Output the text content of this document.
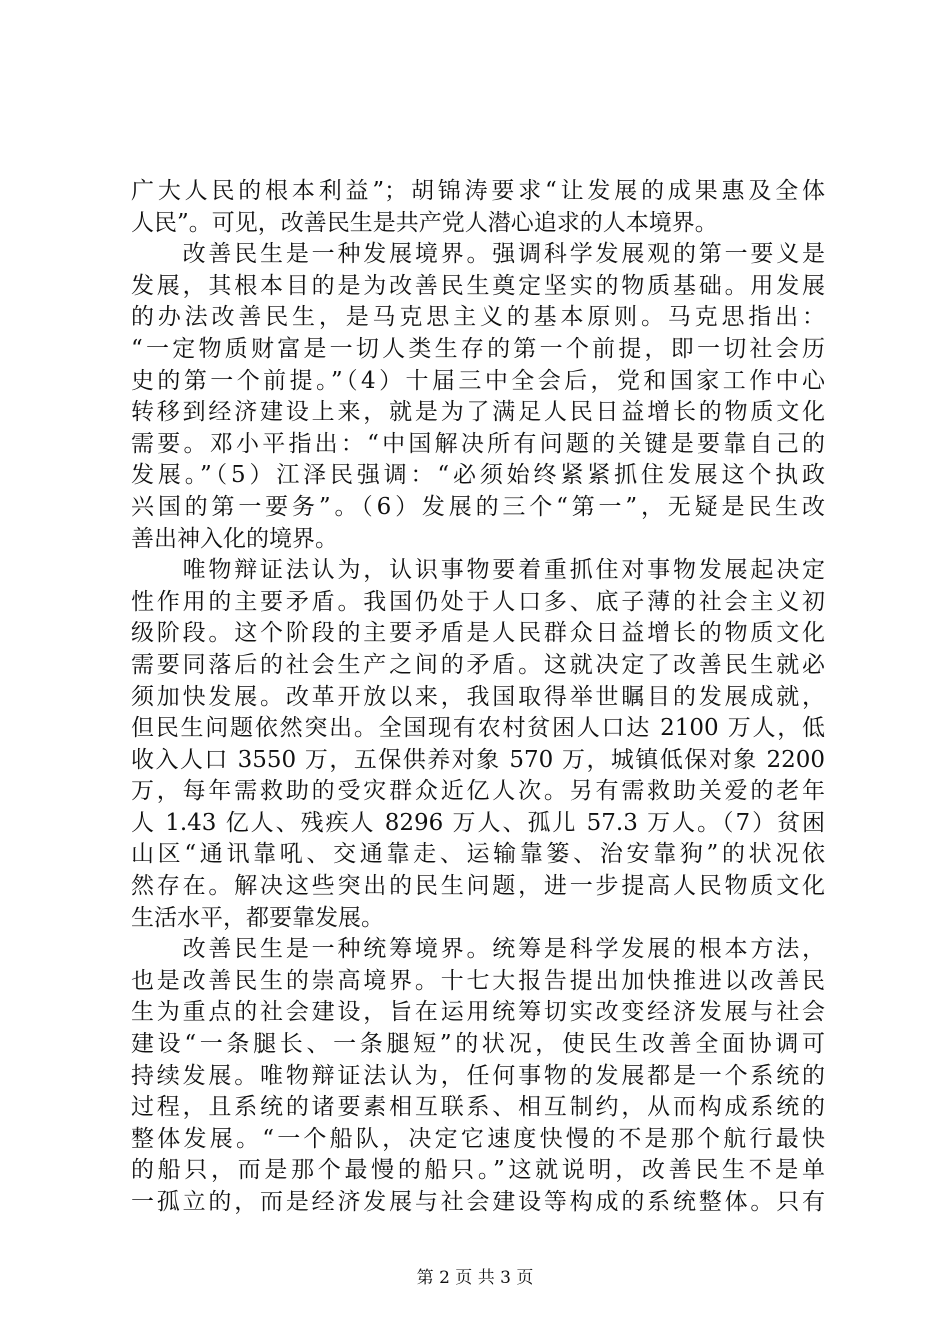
广大人民的根本利益”；胡锦涛要求“让发展的成果惠及全体
人民”。可见，改善民生是共产党人潜心追求的人本境界。
　　改善民生是一种发展境界。强调科学发展观的第一要义是
发展，其根本目的是为改善民生奠定坚实的物质基础。用发展
的办法改善民生，是马克思主义的基本原则。马克思指出：
“一定物质财富是一切人类生存的第一个前提，即一切社会历
史的第一个前提。”（4）十届三中全会后，党和国家工作中心
转移到经济建设上来，就是为了满足人民日益增长的物质文化
需要。邓小平指出：“中国解决所有问题的关键是要靠自己的
发展。”（5）江泽民强调：“必须始终紧紧抓住发展这个执政
兴国的第一要务”。（6）发展的三个“第一”，无疑是民生改
善出神入化的境界。
　　唯物辩证法认为，认识事物要着重抓住对事物发展起决定
性作用的主要矛盾。我国仍处于人口多、底子薄的社会主义初
级阶段。这个阶段的主要矛盾是人民群众日益增长的物质文化
需要同落后的社会生产之间的矛盾。这就决定了改善民生就必
须加快发展。改革开放以来，我国取得举世瞩目的发展成就，
但民生问题依然突出。全国现有农村贫困人口达 2100 万人，低
收入人口 3550 万，五保供养对象 570 万，城镇低保对象 2200
万，每年需救助的受灾群众近亿人次。另有需救助关爱的老年
人 1.43 亿人、残疾人 8296 万人、孤儿 57.3 万人。（7）贫困
山区“通讯靠吼、交通靠走、运输靠篓、治安靠狗”的状况依
然存在。解决这些突出的民生问题，进一步提高人民物质文化
生活水平，都要靠发展。
　　改善民生是一种统筹境界。统筹是科学发展的根本方法，
也是改善民生的崇高境界。十七大报告提出加快推进以改善民
生为重点的社会建设，旨在运用统筹切实改变经济发展与社会
建设“一条腿长、一条腿短”的状况，使民生改善全面协调可
持续发展。唯物辩证法认为，任何事物的发展都是一个系统的
过程，且系统的诸要素相互联系、相互制约，从而构成系统的
整体发展。“一个船队，决定它速度快慢的不是那个航行最快
的船只，而是那个最慢的船只。”这就说明，改善民生不是单
一孤立的，而是经济发展与社会建设等构成的系统整体。只有
第 2 页 共 3 页
